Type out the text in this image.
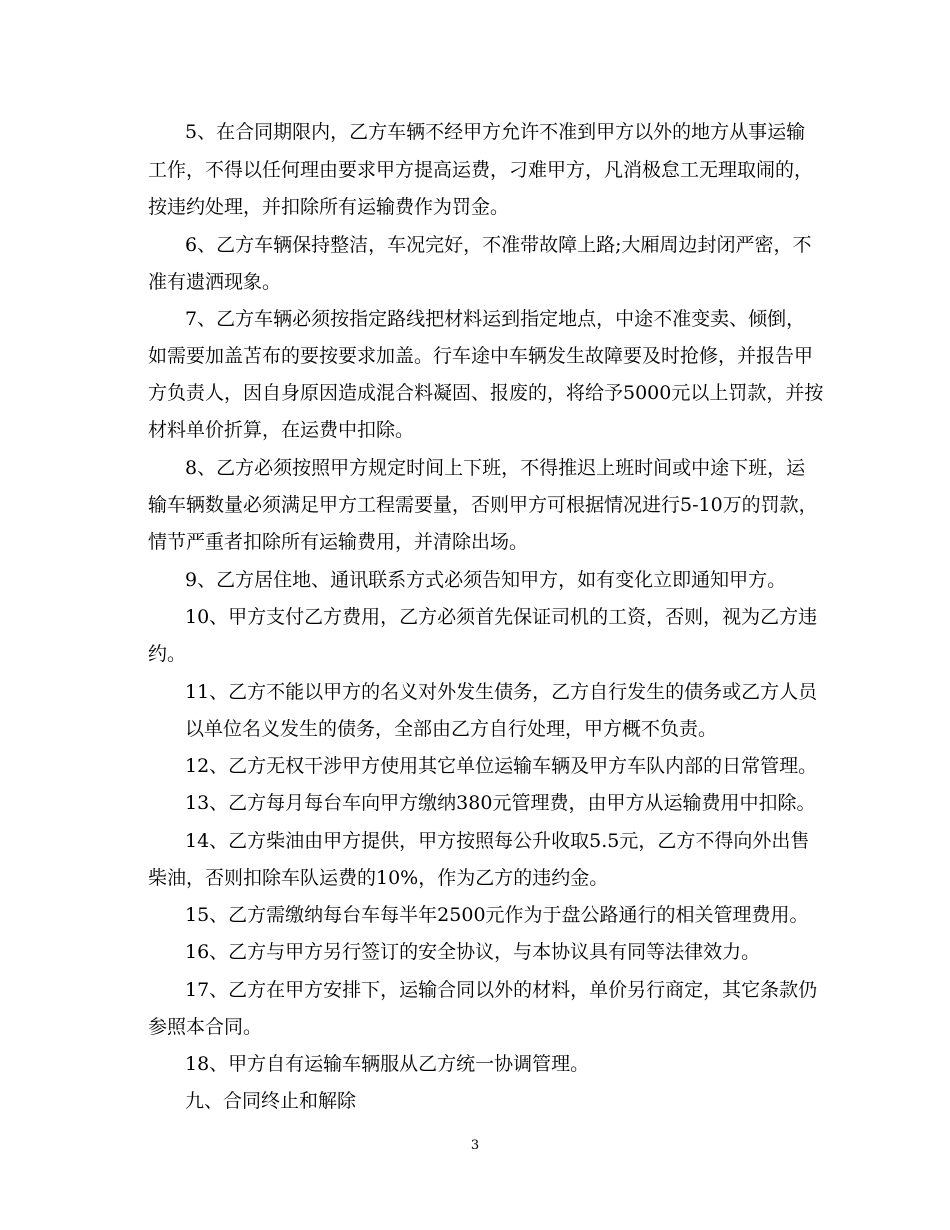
5、在合同期限内，乙方车辆不经甲方允许不准到甲方以外的地方从事运输
工作，不得以任何理由要求甲方提高运费，刁难甲方，凡消极怠工无理取闹的，
按违约处理，并扣除所有运输费作为罚金。
6、乙方车辆保持整洁，车况完好，不准带故障上路;大厢周边封闭严密，不
准有遗洒现象。
7、乙方车辆必须按指定路线把材料运到指定地点，中途不准变卖、倾倒，
如需要加盖苫布的要按要求加盖。行车途中车辆发生故障要及时抢修，并报告甲
方负责人，因自身原因造成混合料凝固、报废的，将给予5000元以上罚款，并按
材料单价折算，在运费中扣除。
8、乙方必须按照甲方规定时间上下班，不得推迟上班时间或中途下班，运
输车辆数量必须满足甲方工程需要量，否则甲方可根据情况进行5-10万的罚款，
情节严重者扣除所有运输费用，并清除出场。
9、乙方居住地、通讯联系方式必须告知甲方，如有变化立即通知甲方。
10、甲方支付乙方费用，乙方必须首先保证司机的工资，否则，视为乙方违
约。
11、乙方不能以甲方的名义对外发生债务，乙方自行发生的债务或乙方人员
以单位名义发生的债务，全部由乙方自行处理，甲方概不负责。
12、乙方无权干涉甲方使用其它单位运输车辆及甲方车队内部的日常管理。
13、乙方每月每台车向甲方缴纳380元管理费，由甲方从运输费用中扣除。
14、乙方柴油由甲方提供，甲方按照每公升收取5.5元，乙方不得向外出售
柴油，否则扣除车队运费的10%，作为乙方的违约金。
15、乙方需缴纳每台车每半年2500元作为于盘公路通行的相关管理费用。
16、乙方与甲方另行签订的安全协议，与本协议具有同等法律效力。
17、乙方在甲方安排下，运输合同以外的材料，单价另行商定，其它条款仍
参照本合同。
18、甲方自有运输车辆服从乙方统一协调管理。
九、合同终止和解除
3
